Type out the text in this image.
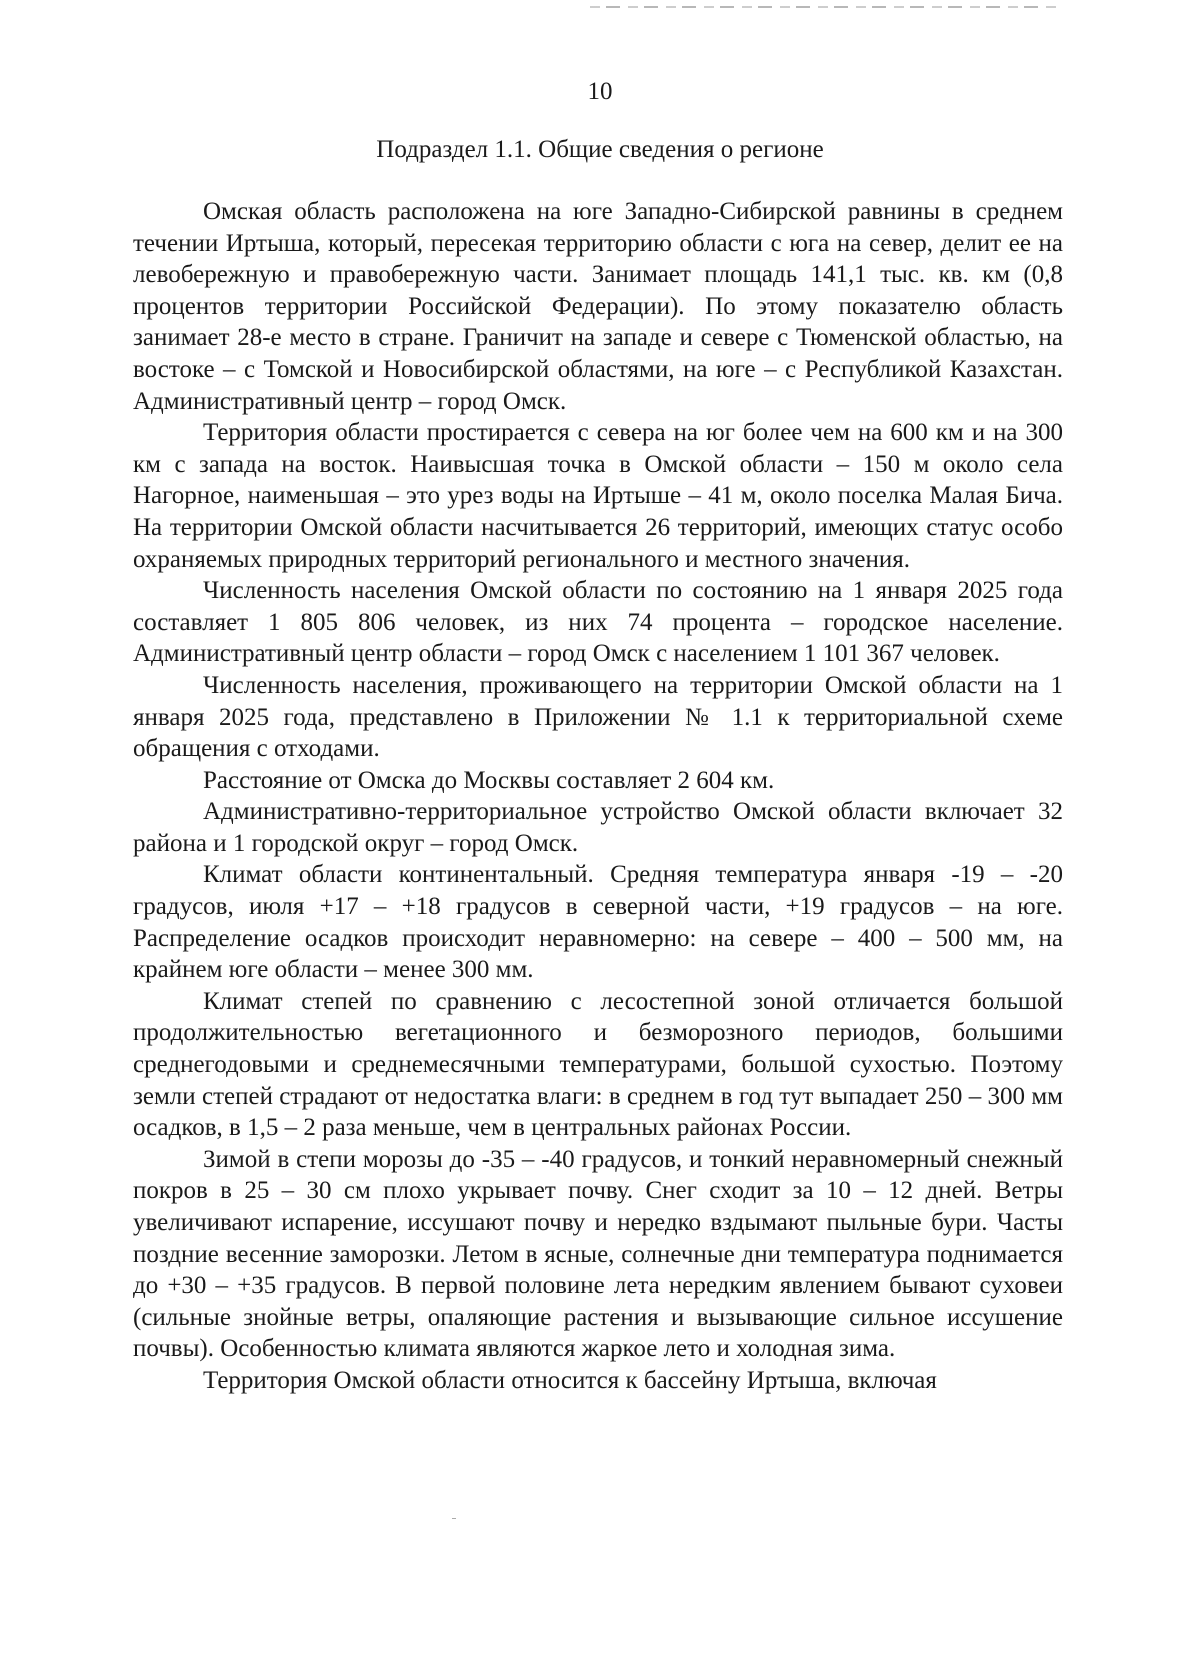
10
Подраздел 1.1. Общие сведения о регионе

Омская область расположена на юге Западно-Сибирской равнины в среднем течении Иртыша, который, пересекая территорию области с юга на север, делит ее на левобережную и правобережную части. Занимает площадь 141,1 тыс. кв. км (0,8 процентов территории Российской Федерации). По этому показателю область занимает 28-е место в стране. Граничит на западе и севере с Тюменской областью, на востоке – с Томской и Новосибирской областями, на юге – с Республикой Казахстан. Административный центр – город Омск.

Территория области простирается с севера на юг более чем на 600 км и на 300 км с запада на восток. Наивысшая точка в Омской области – 150 м около села Нагорное, наименьшая – это урез воды на Иртыше – 41 м, около поселка Малая Бича. На территории Омской области насчитывается 26 территорий, имеющих статус особо охраняемых природных территорий регионального и местного значения.

Численность населения Омской области по состоянию на 1 января 2025 года составляет 1 805 806 человек, из них 74 процента – городское население. Административный центр области – город Омск с населением 1 101 367 человек.

Численность населения, проживающего на территории Омской области на 1 января 2025 года, представлено в Приложении № 1.1 к территориальной схеме обращения с отходами.

Расстояние от Омска до Москвы составляет 2 604 км.

Административно-территориальное устройство Омской области включает 32 района и 1 городской округ – город Омск.

Климат области континентальный. Средняя температура января -19 – -20 градусов, июля +17 – +18 градусов в северной части, +19 градусов – на юге. Распределение осадков происходит неравномерно: на севере – 400 – 500 мм, на крайнем юге области – менее 300 мм.

Климат степей по сравнению с лесостепной зоной отличается большой продолжительностью вегетационного и безморозного периодов, большими среднегодовыми и среднемесячными температурами, большой сухостью. Поэтому земли степей страдают от недостатка влаги: в среднем в год тут выпадает 250 – 300 мм осадков, в 1,5 – 2 раза меньше, чем в центральных районах России.

Зимой в степи морозы до -35 – -40 градусов, и тонкий неравномерный снежный покров в 25 – 30 см плохо укрывает почву. Снег сходит за 10 – 12 дней. Ветры увеличивают испарение, иссушают почву и нередко вздымают пыльные бури. Часты поздние весенние заморозки. Летом в ясные, солнечные дни температура поднимается до +30 – +35 градусов. В первой половине лета нередким явлением бывают суховеи (сильные знойные ветры, опаляющие растения и вызывающие сильное иссушение почвы). Особенностью климата являются жаркое лето и холодная зима.

Территория Омской области относится к бассейну Иртыша, включая
